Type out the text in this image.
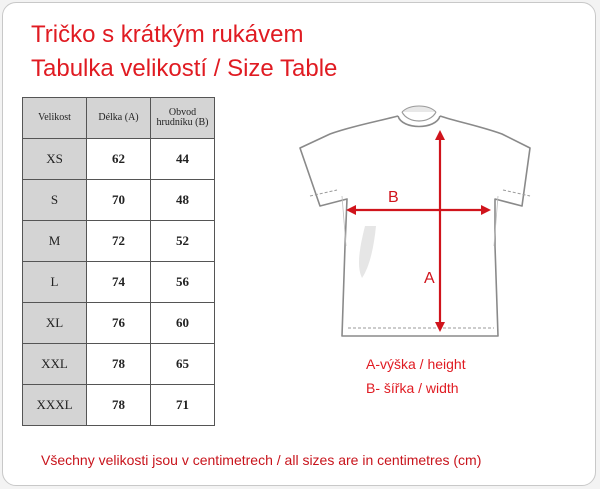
Tričko s krátkým rukávem
Tabulka velikostí / Size Table
Velikost	Délka (A)	Obvod hrudníku (B)
XS	62	44
S	70	48
M	72	52
L	74	56
XL	76	60
XXL	78	65
XXXL	78	71
B
A
A-výška / height
B- šířka / width
Všechny velikosti jsou v centimetrech / all sizes are in centimetres (cm)
